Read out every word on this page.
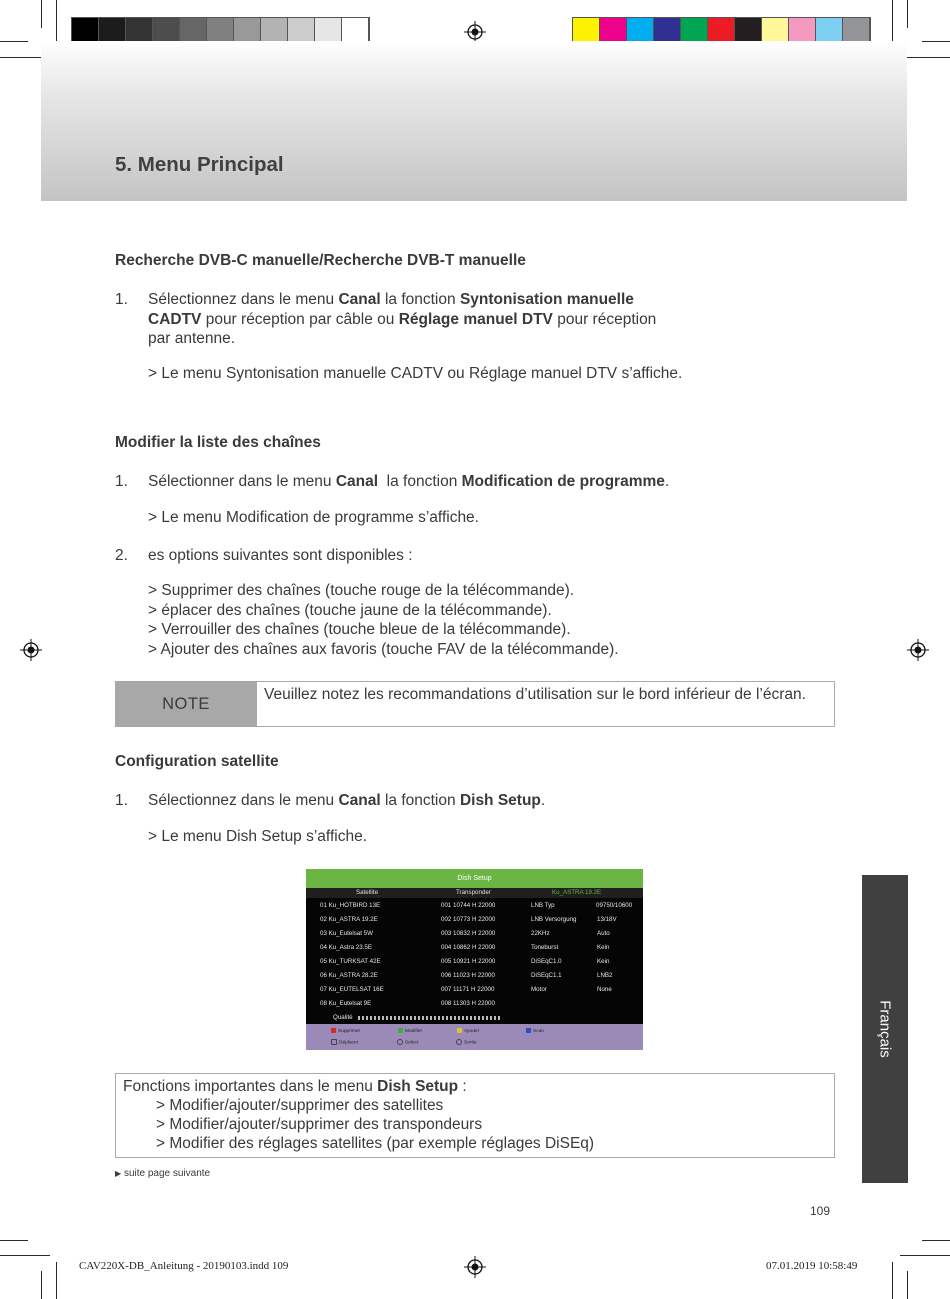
5. Menu Principal
Recherche DVB-C manuelle/Recherche DVB-T manuelle
1. Sélectionnez dans le menu Canal la fonction Syntonisation manuelle
CADTV pour réception par câble ou Réglage manuel DTV pour réception
par antenne.
> Le menu Syntonisation manuelle CADTV ou Réglage manuel DTV s’affiche.
Modifier la liste des chaînes
1. Sélectionner dans le menu Canal  la fonction Modification de programme.
> Le menu Modification de programme s’affiche.
2. es options suivantes sont disponibles :
> Supprimer des chaînes (touche rouge de la télécommande).
> éplacer des chaînes (touche jaune de la télécommande).
> Verrouiller des chaînes (touche bleue de la télécommande).
> Ajouter des chaînes aux favoris (touche FAV de la télécommande).
NOTE	Veuillez notez les recommandations d’utilisation sur le bord inférieur de l’écran.
Configuration satellite
1. Sélectionnez dans le menu Canal la fonction Dish Setup.
> Le menu Dish Setup s’affiche.
Dish Setup
Satellite	Transponder	Ku_ASTRA 19.2E
01 Ku_HOTBIRD 13E	001 10744 H 22000	LNB Typ	09750/10600
02 Ku_ASTRA 19.2E	002 10773 H 22000	LNB Versorgung	13/18V
03 Ku_Eutelsat 5W	003 10832 H 22000	22KHz	Auto
04 Ku_Astra 23.5E	004 10862 H 22000	Toneburst	Kein
05 Ku_TURKSAT 42E	005 10921 H 22000	DiSEqC1.0	Kein
06 Ku_ASTRA 28.2E	006 11023 H 22000	DiSEqC1.1	LNB2
07 Ku_EUTELSAT 16E	007 11171 H 22000	Motor	None
08 Ku_Eutelsat 9E	008 11303 H 22000
Qualité
Supprimer	Modifier	Ajouter	Scan
Déplacer	Select	Sortie	Français
Fonctions importantes dans le menu Dish Setup :
> Modifier/ajouter/supprimer des satellites
> Modifier/ajouter/supprimer des transpondeurs
> Modifier des réglages satellites (par exemple réglages DiSEq)
▶ suite page suivante
109
CAV220X-DB_Anleitung - 20190103.indd 109	07.01.2019 10:58:49
